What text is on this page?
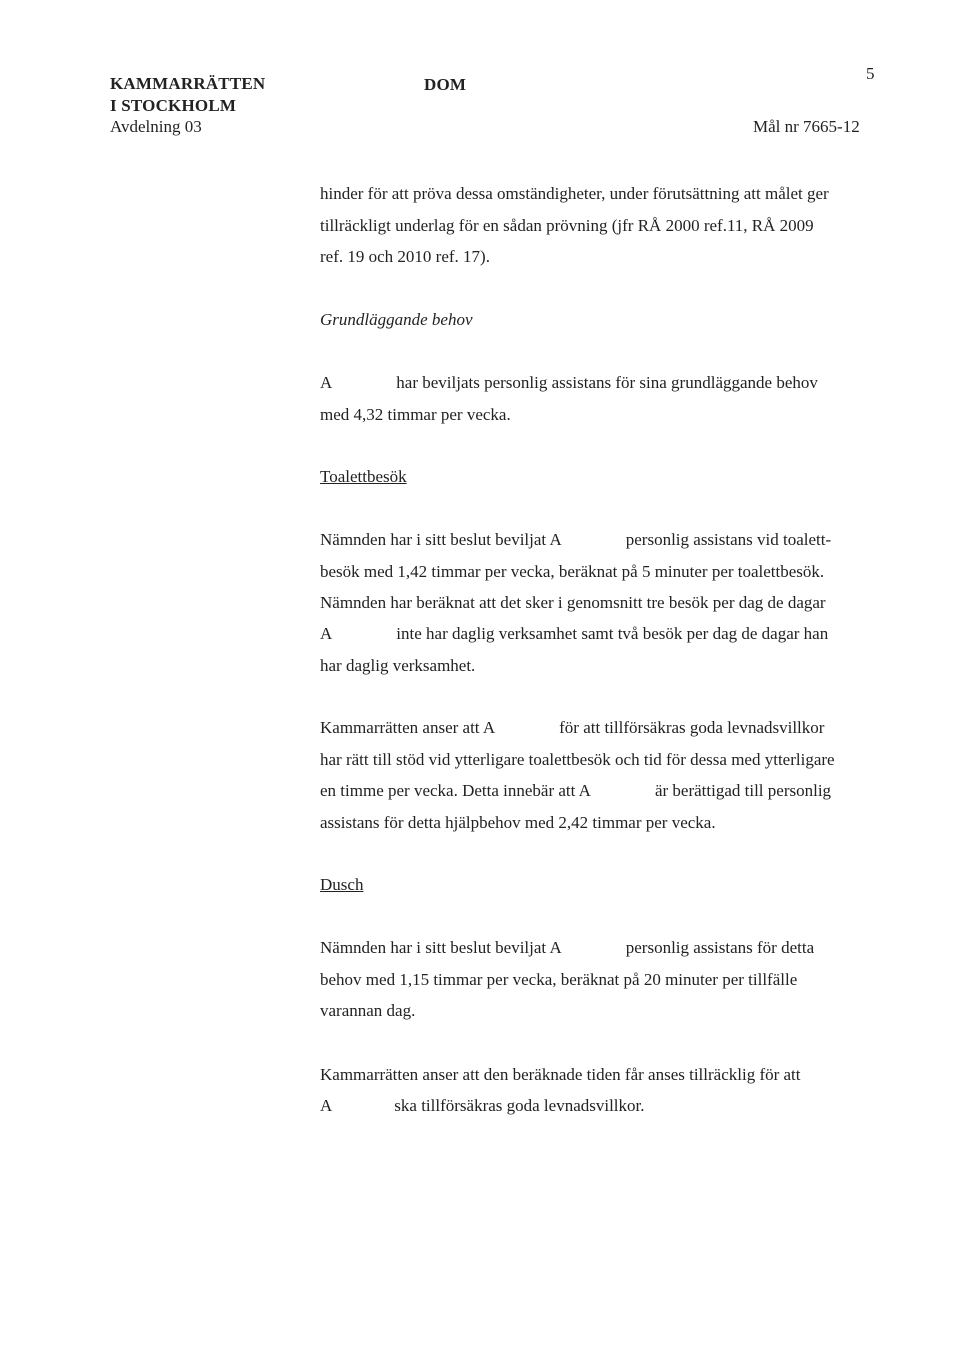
KAMMARRÄTTEN
I STOCKHOLM
Avdelning 03
DOM
5
Mål nr 7665-12
hinder för att pröva dessa omständigheter, under förutsättning att målet ger
tillräckligt underlag för en sådan prövning (jfr RÅ 2000 ref.11, RÅ 2009
ref. 19 och 2010 ref. 17).
Grundläggande behov
A	har beviljats personlig assistans för sina grundläggande behov
med 4,32 timmar per vecka.
Toalettbesök
Nämnden har i sitt beslut beviljat A	personlig assistans vid toalett-
besök med 1,42 timmar per vecka, beräknat på 5 minuter per toalettbesök.
Nämnden har beräknat att det sker i genomsnitt tre besök per dag de dagar
A	inte har daglig verksamhet samt två besök per dag de dagar han
har daglig verksamhet.
Kammarrätten anser att A	för att tillförsäkras goda levnadsvillkor
har rätt till stöd vid ytterligare toalettbesök och tid för dessa med ytterligare
en timme per vecka. Detta innebär att A	är berättigad till personlig
assistans för detta hjälpbehov med 2,42 timmar per vecka.
Dusch
Nämnden har i sitt beslut beviljat A	personlig assistans för detta
behov med 1,15 timmar per vecka, beräknat på 20 minuter per tillfälle
varannan dag.
Kammarrätten anser att den beräknade tiden får anses tillräcklig för att
A	ska tillförsäkras goda levnadsvillkor.
